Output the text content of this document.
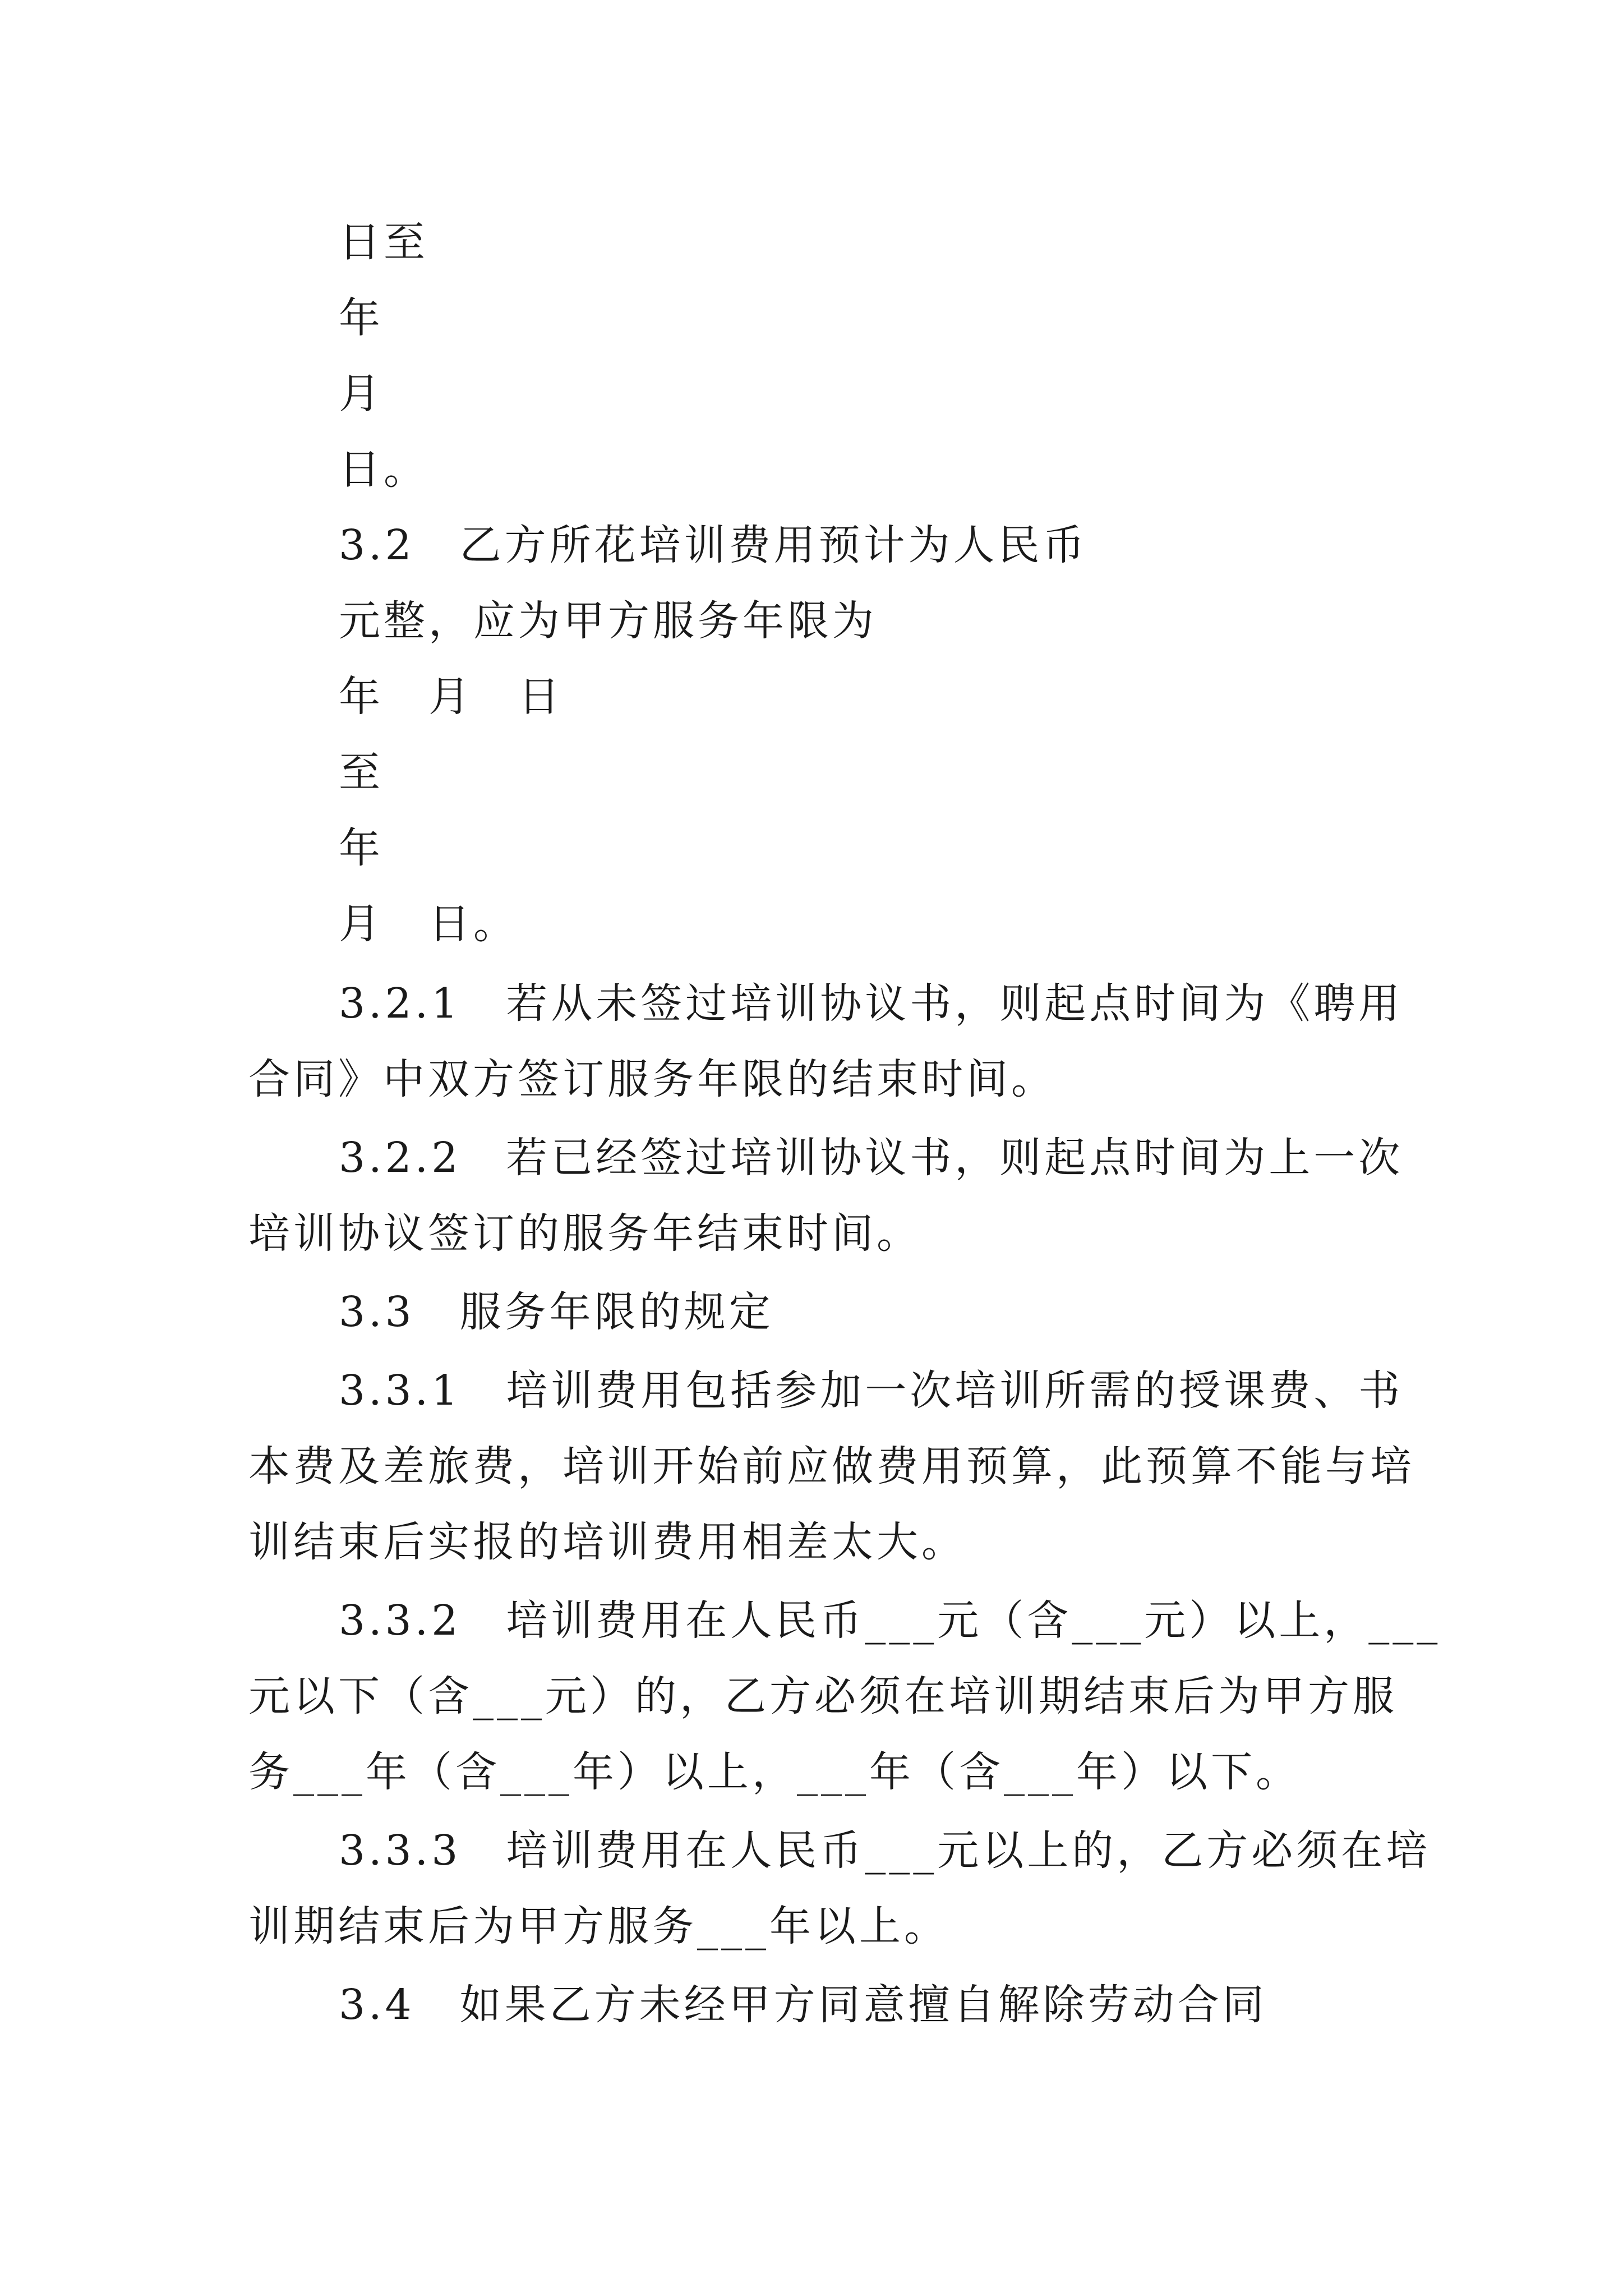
日至
年
月
日。
3.2　乙方所花培训费用预计为人民币
元整，应为甲方服务年限为
年　月　日
至
年
月　日。
3.2.1　若从未签过培训协议书，则起点时间为《聘用
合同》中双方签订服务年限的结束时间。
3.2.2　若已经签过培训协议书，则起点时间为上一次
培训协议签订的服务年结束时间。
3.3　服务年限的规定
3.3.1　培训费用包括参加一次培训所需的授课费、书
本费及差旅费，培训开始前应做费用预算，此预算不能与培
训结束后实报的培训费用相差太大。
3.3.2　培训费用在人民币___元（含___元）以上，___
元以下（含___元）的，乙方必须在培训期结束后为甲方服
务___年（含___年）以上，___年（含___年）以下。
3.3.3　培训费用在人民币___元以上的，乙方必须在培
训期结束后为甲方服务___年以上。
3.4　如果乙方未经甲方同意擅自解除劳动合同
